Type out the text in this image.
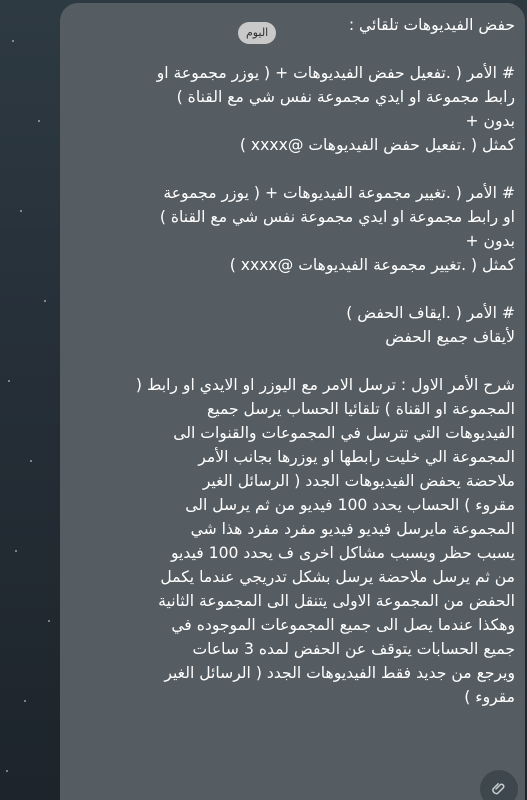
اليوم	حفض الفيديوهات تلقائي :
# الأمر ( .تفعيل حفض الفيديوهات + ( يوزر مجموعة او
رابط مجموعة او ايدي مجموعة نفس شي مع القناة )
بدون +
كمثل ( .تفعيل حفض الفيديوهات @xxxx )
# الأمر ( .تغيير مجموعة الفيديوهات + ( يوزر مجموعة
او رابط مجموعة او ايدي مجموعة نفس شي مع القناة )
بدون +
كمثل ( .تغيير مجموعة الفيديوهات @xxxx )
# الأمر ( .ايقاف الحفض )
لأيقاف جميع الحفض
شرح الأمر الاول : ترسل الامر مع اليوزر او الايدي او رابط (
المجموعة او القناة ) تلقائيا الحساب يرسل جميع
الفيديوهات التي تترسل في المجموعات والقنوات الى
المجموعة الي خليت رابطها او يوزرها بجانب الأمر
ملاحضة يحفض الفيديوهات الجدد ( الرسائل الغير
مقروء ) الحساب يحدد 100 فيديو من ثم يرسل الى
المجموعة مايرسل فيديو فيديو مفرد مفرد هذا شي
يسبب حظر ويسبب مشاكل اخرى ف يحدد 100 فيديو
من ثم يرسل ملاحضة يرسل بشكل تدريجي عندما يكمل
الحفض من المجموعة الاولى يتنقل الى المجموعة الثانية
وهكذا عندما يصل الى جميع المجموعات الموجوده في
جميع الحسابات يتوقف عن الحفض لمده 3 ساعات
ويرجع من جديد فقط الفيديوهات الجدد ( الرسائل الغير
مقروء )
